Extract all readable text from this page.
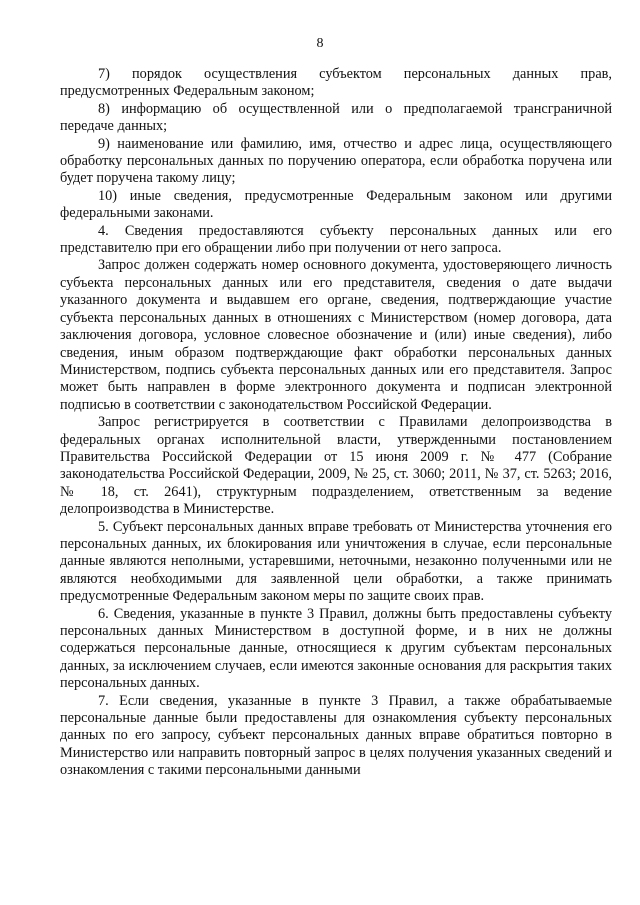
8

7) порядок осуществления субъектом персональных данных прав, предусмотренных Федеральным законом;

8) информацию об осуществленной или о предполагаемой трансграничной передаче данных;

9) наименование или фамилию, имя, отчество и адрес лица, осуществляющего обработку персональных данных по поручению оператора, если обработка поручена или будет поручена такому лицу;

10) иные сведения, предусмотренные Федеральным законом или другими федеральными законами.

4. Сведения предоставляются субъекту персональных данных или его представителю при его обращении либо при получении от него запроса.

Запрос должен содержать номер основного документа, удостоверяющего личность субъекта персональных данных или его представителя, сведения о дате выдачи указанного документа и выдавшем его органе, сведения, подтверждающие участие субъекта персональных данных в отношениях с Министерством (номер договора, дата заключения договора, условное словесное обозначение и (или) иные сведения), либо сведения, иным образом подтверждающие факт обработки персональных данных Министерством, подпись субъекта персональных данных или его представителя. Запрос может быть направлен в форме электронного документа и подписан электронной подписью в соответствии с законодательством Российской Федерации.

Запрос регистрируется в соответствии с Правилами делопроизводства в федеральных органах исполнительной власти, утвержденными постановлением Правительства Российской Федерации от 15 июня 2009 г. № 477 (Собрание законодательства Российской Федерации, 2009, № 25, ст. 3060; 2011, № 37, ст. 5263; 2016, № 18, ст. 2641), структурным подразделением, ответственным за ведение делопроизводства в Министерстве.

5. Субъект персональных данных вправе требовать от Министерства уточнения его персональных данных, их блокирования или уничтожения в случае, если персональные данные являются неполными, устаревшими, неточными, незаконно полученными или не являются необходимыми для заявленной цели обработки, а также принимать предусмотренные Федеральным законом меры по защите своих прав.

6. Сведения, указанные в пункте 3 Правил, должны быть предоставлены субъекту персональных данных Министерством в доступной форме, и в них не должны содержаться персональные данные, относящиеся к другим субъектам персональных данных, за исключением случаев, если имеются законные основания для раскрытия таких персональных данных.

7. Если сведения, указанные в пункте 3 Правил, а также обрабатываемые персональные данные были предоставлены для ознакомления субъекту персональных данных по его запросу, субъект персональных данных вправе обратиться повторно в Министерство или направить повторный запрос в целях получения указанных сведений и ознакомления с такими персональными данными
